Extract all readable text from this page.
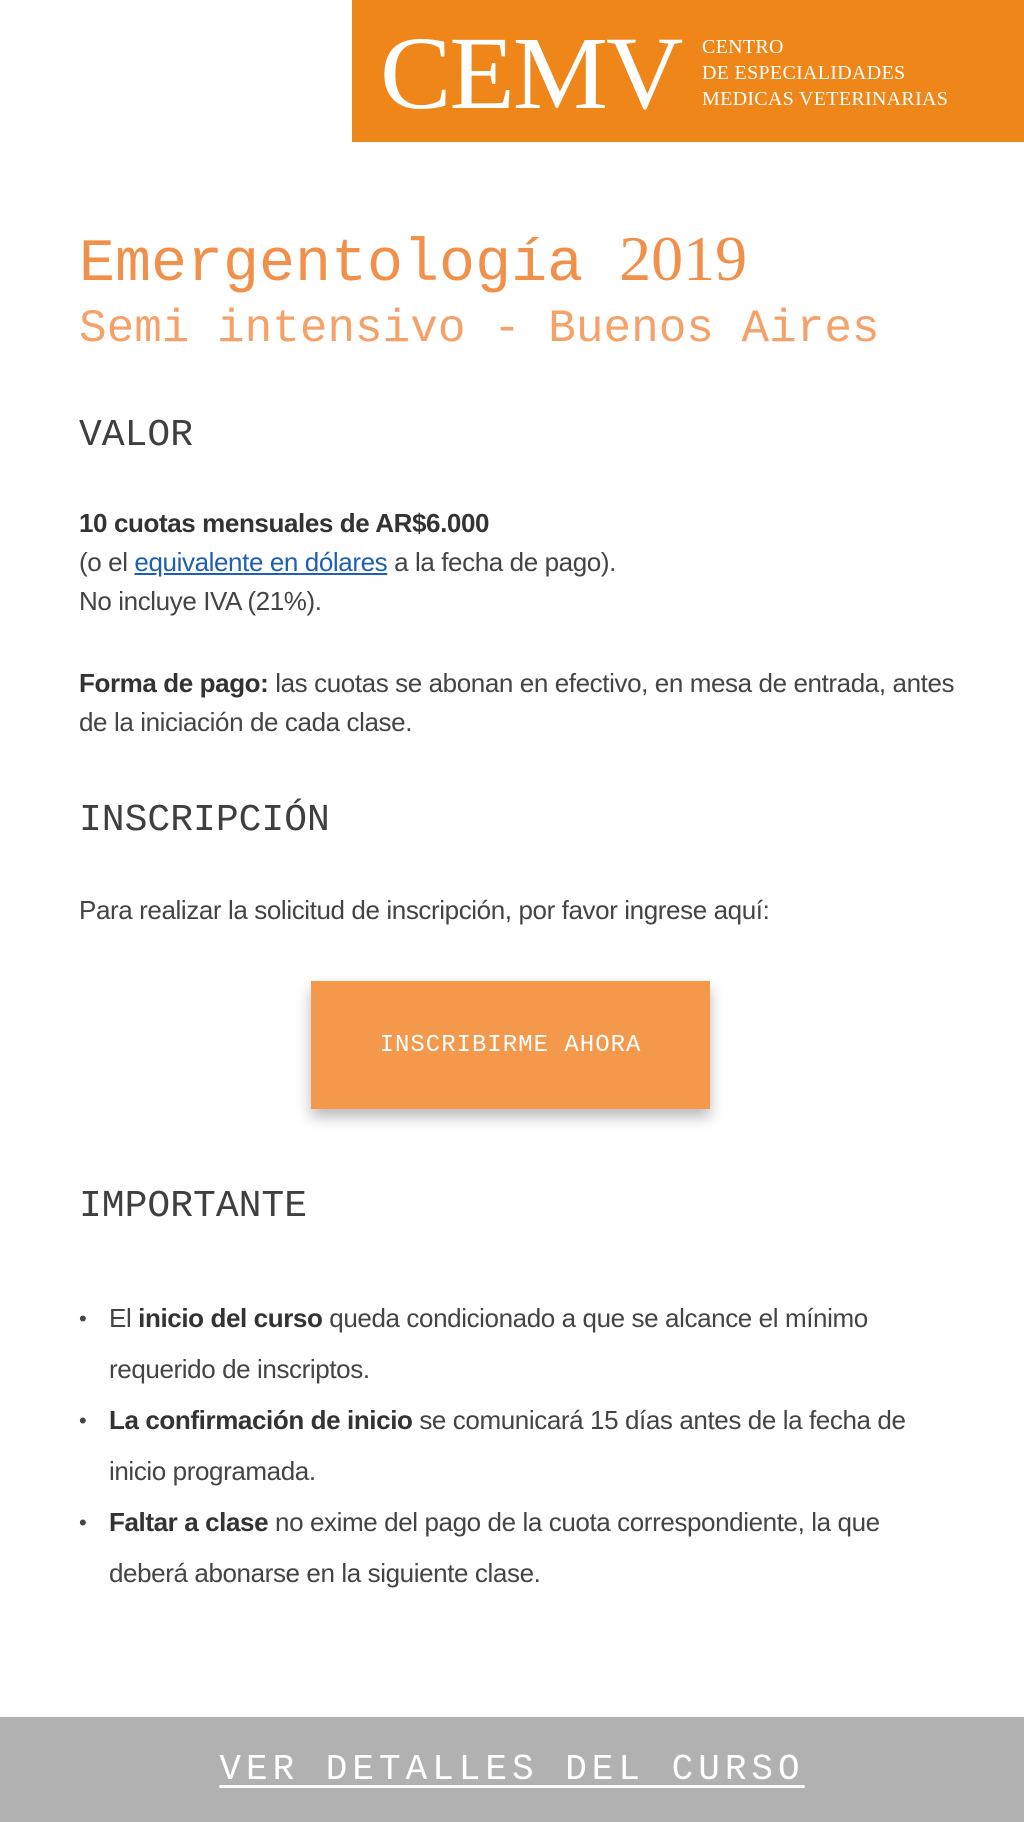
CEMV CENTRO
DE ESPECIALIDADES
MEDICAS VETERINARIAS
Emergentología 2019
Semi intensivo - Buenos Aires
VALOR

10 cuotas mensuales de AR$6.000

(o el equivalente en dólares a la fecha de pago).

No incluye IVA (21%).

Forma de pago: las cuotas se abonan en efectivo, en mesa de entrada, antes de la iniciación de cada clase.

INSCRIPCIÓN

Para realizar la solicitud de inscripción, por favor ingrese aquí:

INSCRIBIRME AHORA
IMPORTANTE
• El inicio del curso queda condicionado a que se alcance el mínimo requerido de inscriptos.
• La confirmación de inicio se comunicará 15 días antes de la fecha de inicio programada.
• Faltar a clase no exime del pago de la cuota correspondiente, la que deberá abonarse en la siguiente clase.
VER DETALLES DEL CURSO
